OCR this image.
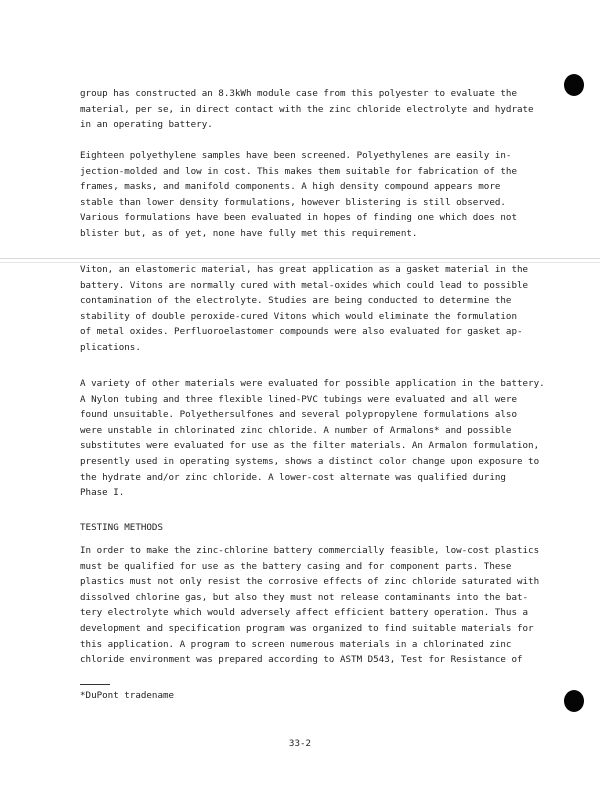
group has constructed an 8.3kWh module case from this polyester to evaluate the
material, per se, in direct contact with the zinc chloride electrolyte and hydrate
in an operating battery.
Eighteen polyethylene samples have been screened. Polyethylenes are easily in-
jection-molded and low in cost. This makes them suitable for fabrication of the
frames, masks, and manifold components. A high density compound appears more
stable than lower density formulations, however blistering is still observed.
Various formulations have been evaluated in hopes of finding one which does not
blister but, as of yet, none have fully met this requirement.
Viton, an elastomeric material, has great application as a gasket material in the
battery. Vitons are normally cured with metal-oxides which could lead to possible
contamination of the electrolyte. Studies are being conducted to determine the
stability of double peroxide-cured Vitons which would eliminate the formulation
of metal oxides. Perfluoroelastomer compounds were also evaluated for gasket ap-
plications.
A variety of other materials were evaluated for possible application in the battery.
A Nylon tubing and three flexible lined-PVC tubings were evaluated and all were
found unsuitable. Polyethersulfones and several polypropylene formulations also
were unstable in chlorinated zinc chloride. A number of Armalons* and possible
substitutes were evaluated for use as the filter materials. An Armalon formulation,
presently used in operating systems, shows a distinct color change upon exposure to
the hydrate and/or zinc chloride. A lower-cost alternate was qualified during
Phase I.
TESTING METHODS
In order to make the zinc-chlorine battery commercially feasible, low-cost plastics
must be qualified for use as the battery casing and for component parts. These
plastics must not only resist the corrosive effects of zinc chloride saturated with
dissolved chlorine gas, but also they must not release contaminants into the bat-
tery electrolyte which would adversely affect efficient battery operation. Thus a
development and specification program was organized to find suitable materials for
this application. A program to screen numerous materials in a chlorinated zinc
chloride environment was prepared according to ASTM D543, Test for Resistance of
*DuPont tradename
33-2
